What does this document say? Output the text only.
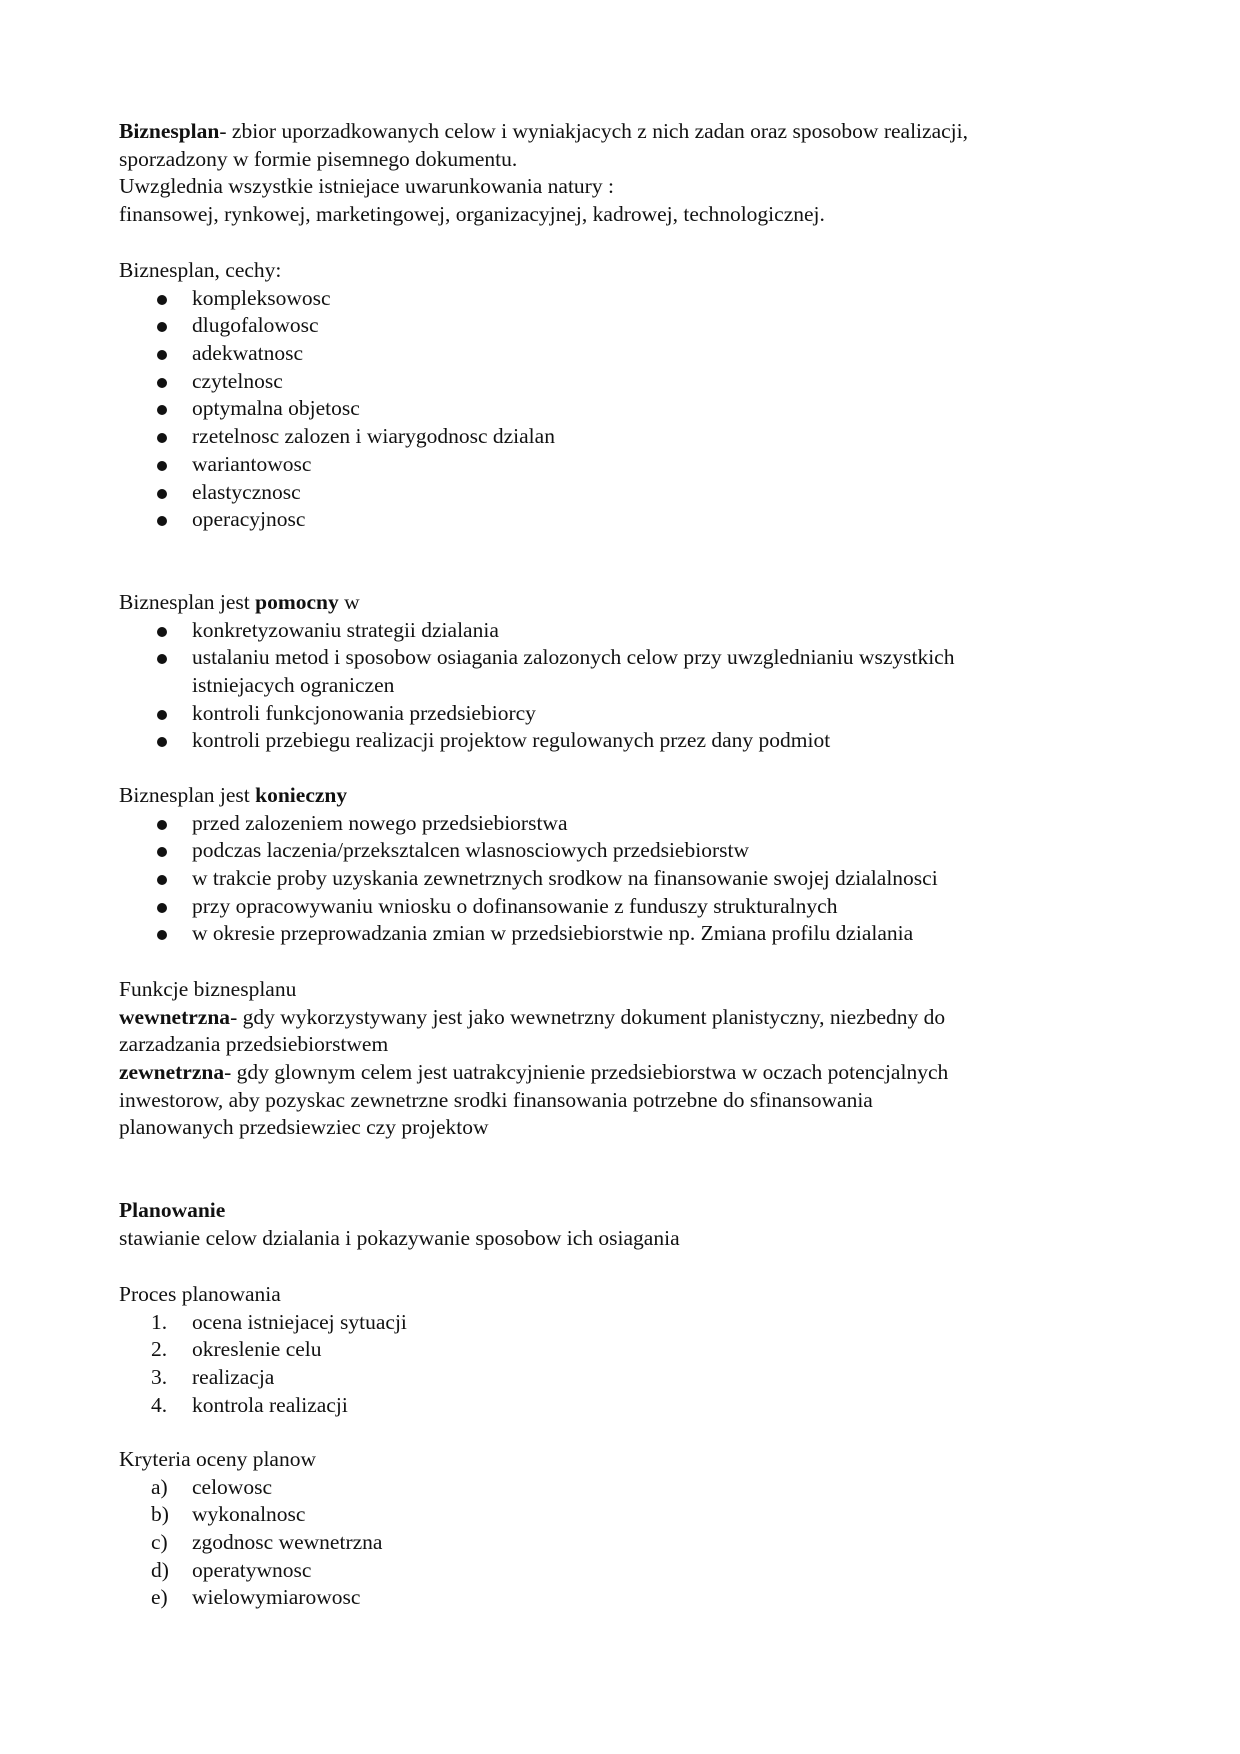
Biznesplan- zbior uporzadkowanych celow i wyniakjacych z nich zadan oraz sposobow realizacji,
sporzadzony w formie pisemnego dokumentu.
Uwzglednia wszystkie istniejace uwarunkowania natury :
finansowej, rynkowej, marketingowej, organizacyjnej, kadrowej, technologicznej.
Biznesplan, cechy:
kompleksowosc
dlugofalowosc
adekwatnosc
czytelnosc
optymalna objetosc
rzetelnosc zalozen i wiarygodnosc dzialan
wariantowosc
elastycznosc
operacyjnosc
Biznesplan jest pomocny w
konkretyzowaniu strategii dzialania
ustalaniu metod i sposobow osiagania zalozonych celow przy uwzglednianiu wszystkich
istniejacych ograniczen
kontroli funkcjonowania przedsiebiorcy
kontroli przebiegu realizacji projektow regulowanych przez dany podmiot
Biznesplan jest konieczny
przed zalozeniem nowego przedsiebiorstwa
podczas laczenia/przeksztalcen wlasnosciowych przedsiebiorstw
w trakcie proby uzyskania zewnetrznych srodkow na finansowanie swojej dzialalnosci
przy opracowywaniu wniosku o dofinansowanie z funduszy strukturalnych
w okresie przeprowadzania zmian w przedsiebiorstwie np. Zmiana profilu dzialania
Funkcje biznesplanu
wewnetrzna- gdy wykorzystywany jest jako wewnetrzny dokument planistyczny, niezbedny do
zarzadzania przedsiebiorstwem
zewnetrzna- gdy glownym celem jest uatrakcyjnienie przedsiebiorstwa w oczach potencjalnych
inwestorow, aby pozyskac zewnetrzne srodki finansowania potrzebne do sfinansowania
planowanych przedsiewziec czy projektow
Planowanie
stawianie celow dzialania i pokazywanie sposobow ich osiagania
Proces planowania
1. ocena istniejacej sytuacji
2. okreslenie celu
3. realizacja
4. kontrola realizacji
Kryteria oceny planow
a) celowosc
b) wykonalnosc
c) zgodnosc wewnetrzna
d) operatywnosc
e) wielowymiarowosc
